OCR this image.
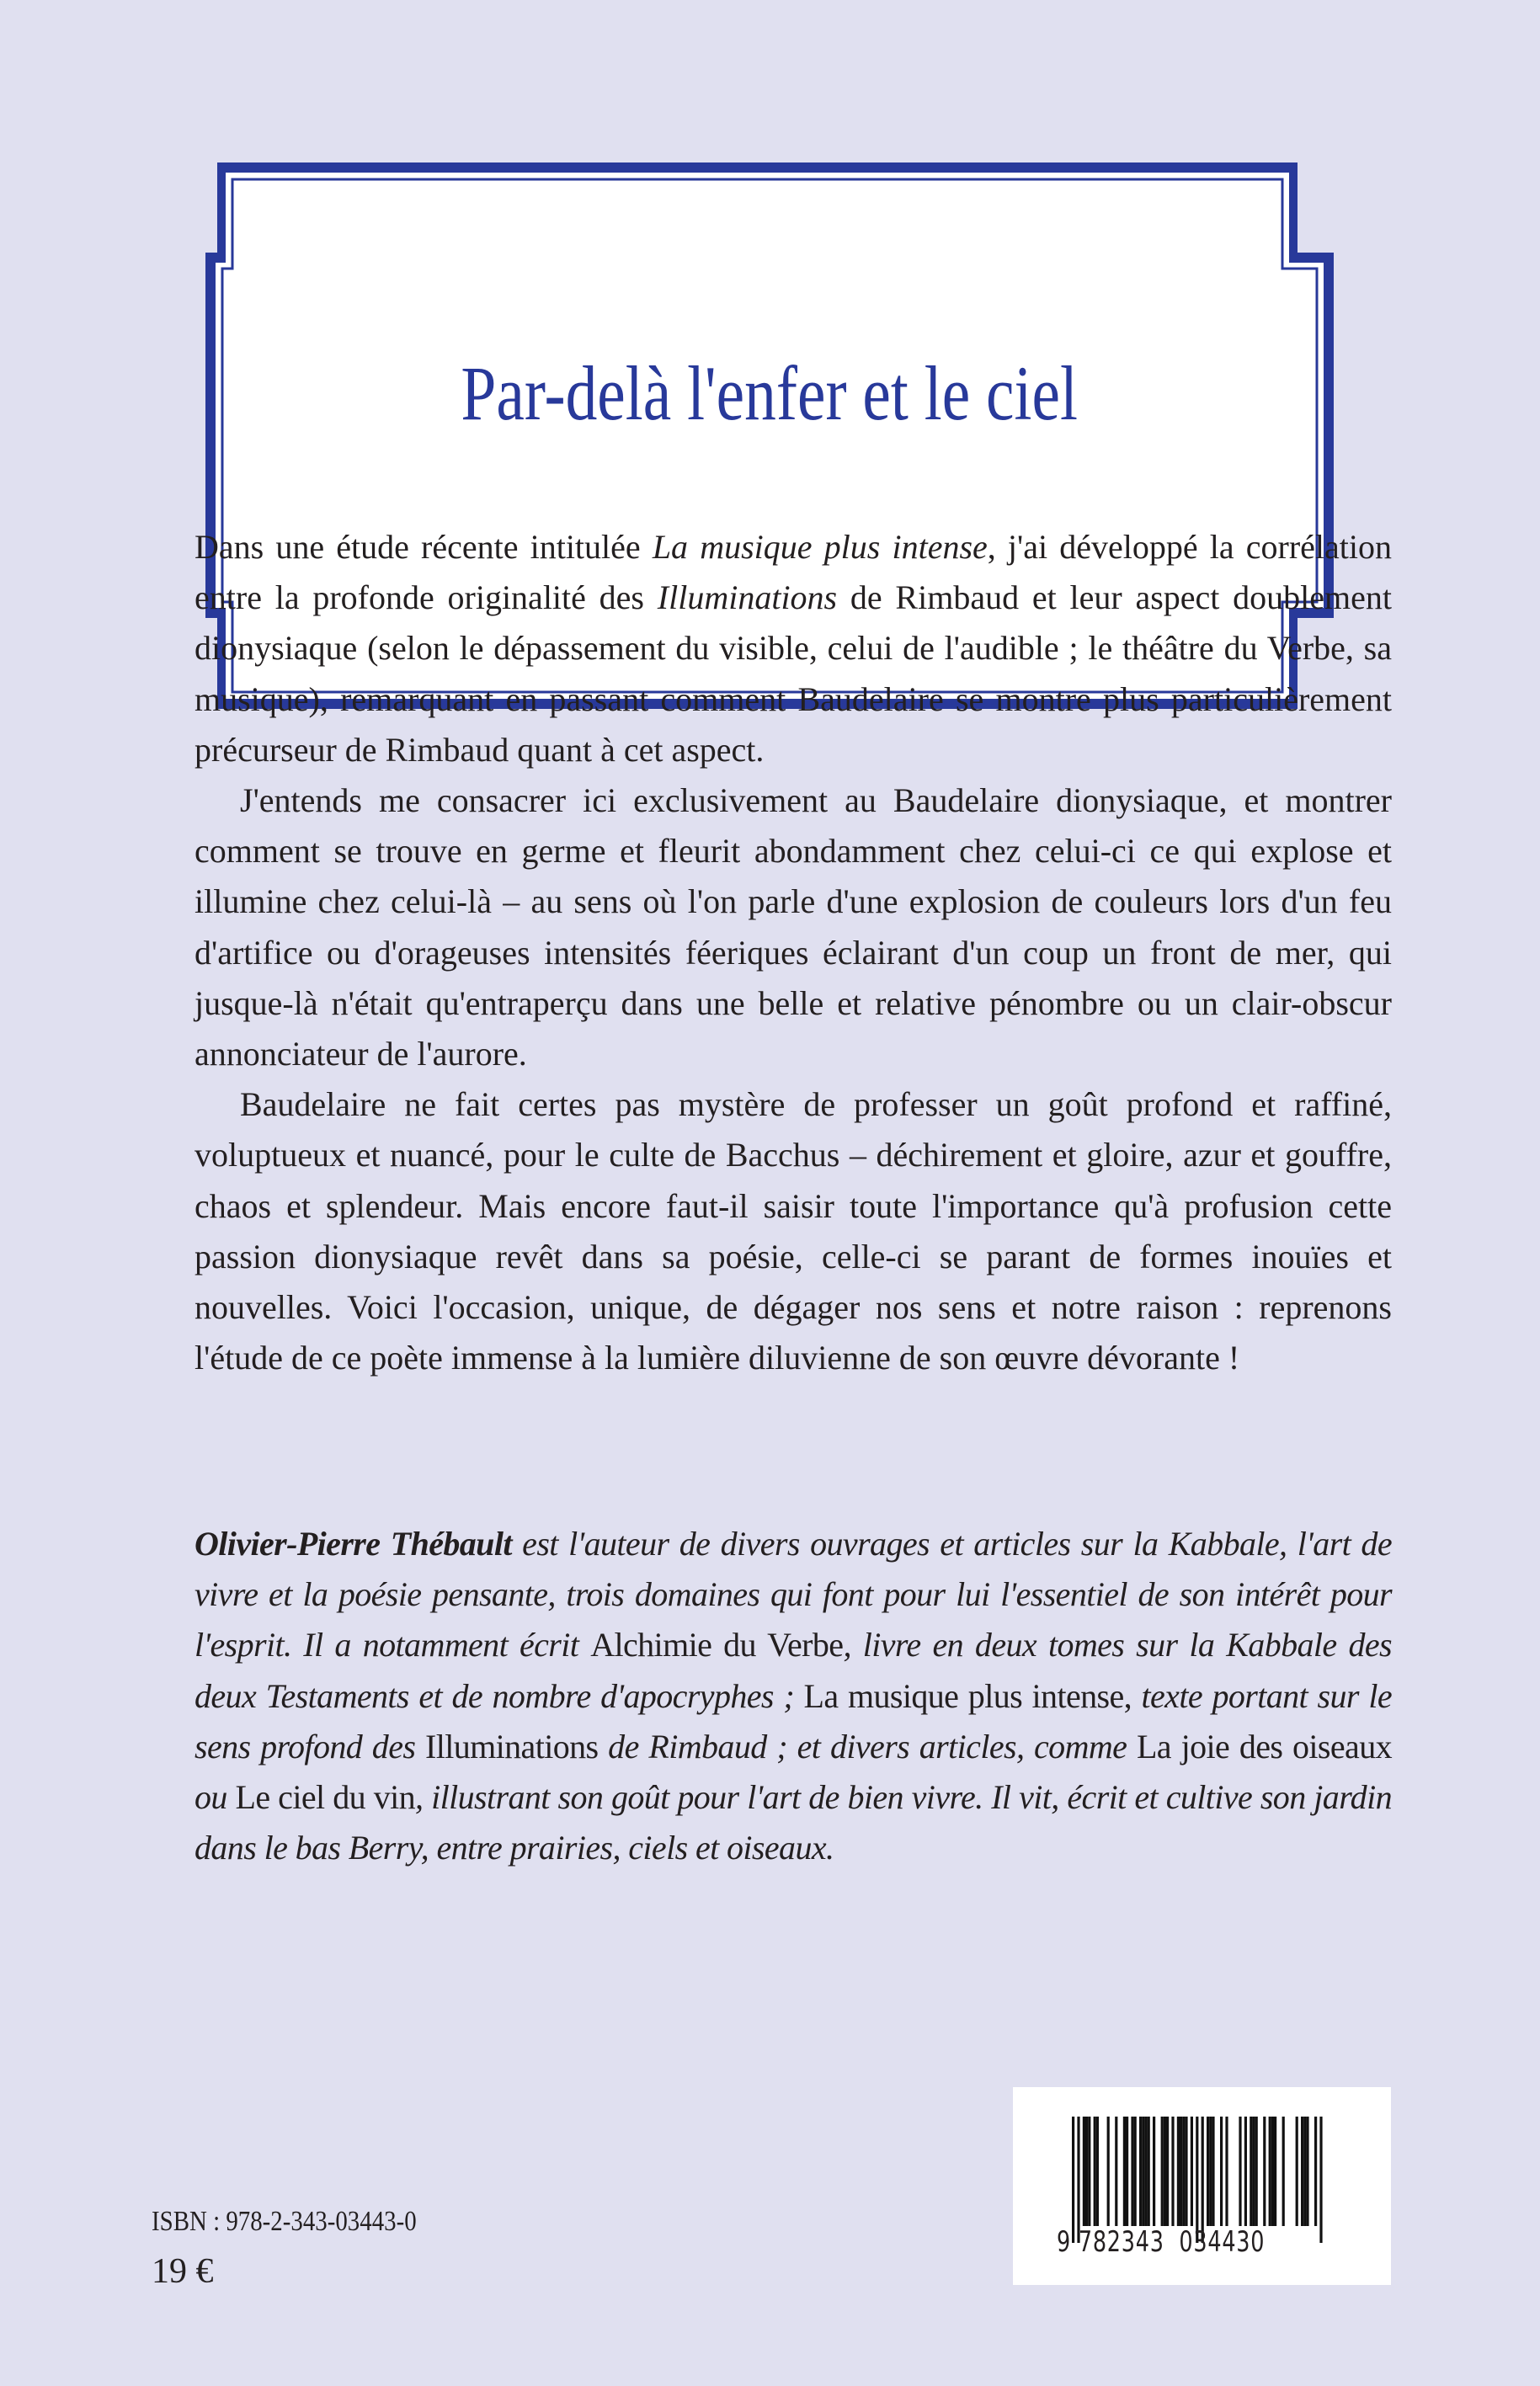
Par-delà l'enfer et le ciel

Dans une étude récente intitulée La musique plus intense, j'ai développé la corrélation entre la profonde originalité des Illuminations de Rimbaud et leur aspect doublement dionysiaque (selon le dépassement du visible, celui de l'audible ; le théâtre du Verbe, sa musique), remarquant en passant comment Baudelaire se montre plus particulièrement précurseur de Rimbaud quant à cet aspect.

J'entends me consacrer ici exclusivement au Baudelaire dionysiaque, et montrer comment se trouve en germe et fleurit abondamment chez celui-ci ce qui explose et illumine chez celui-là – au sens où l'on parle d'une explosion de couleurs lors d'un feu d'artifice ou d'orageuses intensités féeriques éclairant d'un coup un front de mer, qui jusque-là n'était qu'entraperçu dans une belle et relative pénombre ou un clair-obscur annonciateur de l'aurore.

Baudelaire ne fait certes pas mystère de professer un goût profond et raffiné, voluptueux et nuancé, pour le culte de Bacchus – déchirement et gloire, azur et gouffre, chaos et splendeur. Mais encore faut-il saisir toute l'importance qu'à profusion cette passion dionysiaque revêt dans sa poésie, celle-ci se parant de formes inouïes et nouvelles. Voici l'occasion, unique, de dégager nos sens et notre raison : reprenons l'étude de ce poète immense à la lumière diluvienne de son œuvre dévorante !

Olivier-Pierre Thébault est l'auteur de divers ouvrages et articles sur la Kabbale, l'art de vivre et la poésie pensante, trois domaines qui font pour lui l'essentiel de son intérêt pour l'esprit. Il a notamment écrit Alchimie du Verbe, livre en deux tomes sur la Kabbale des deux Testaments et de nombre d'apocryphes ; La musique plus intense, texte portant sur le sens profond des Illuminations de Rimbaud ; et divers articles, comme La joie des oiseaux ou Le ciel du vin, illustrant son goût pour l'art de bien vivre. Il vit, écrit et cultive son jardin dans le bas Berry, entre prairies, ciels et oiseaux.
ISBN : 978-2-343-03443-0
19 €
9 782343 034430
